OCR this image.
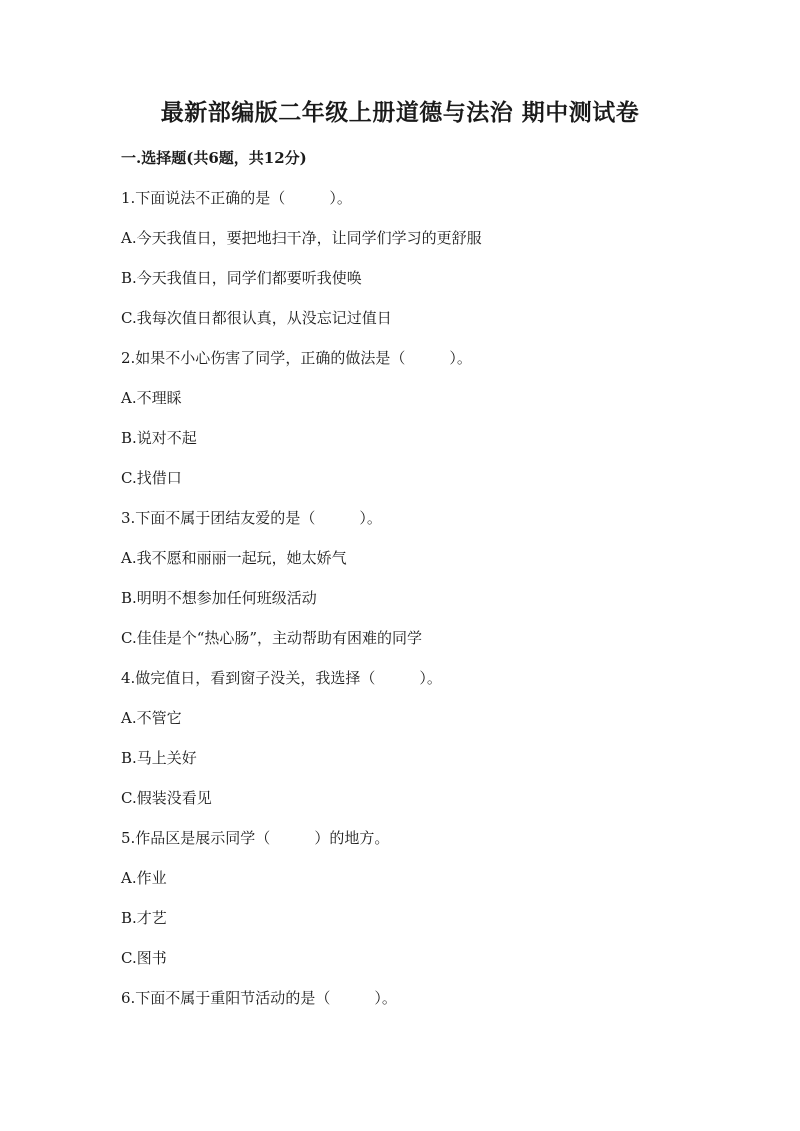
最新部编版二年级上册道德与法治 期中测试卷
一.选择题(共6题，共12分)
1.下面说法不正确的是（	）。
A.今天我值日，要把地扫干净，让同学们学习的更舒服
B.今天我值日，同学们都要听我使唤
C.我每次值日都很认真，从没忘记过值日
2.如果不小心伤害了同学，正确的做法是（	）。
A.不理睬
B.说对不起
C.找借口
3.下面不属于团结友爱的是（	）。
A.我不愿和丽丽一起玩，她太娇气
B.明明不想参加任何班级活动
C.佳佳是个“热心肠”，主动帮助有困难的同学
4.做完值日，看到窗子没关，我选择（	）。
A.不管它
B.马上关好
C.假装没看见
5.作品区是展示同学（	）的地方。
A.作业
B.才艺
C.图书
6.下面不属于重阳节活动的是（	）。
